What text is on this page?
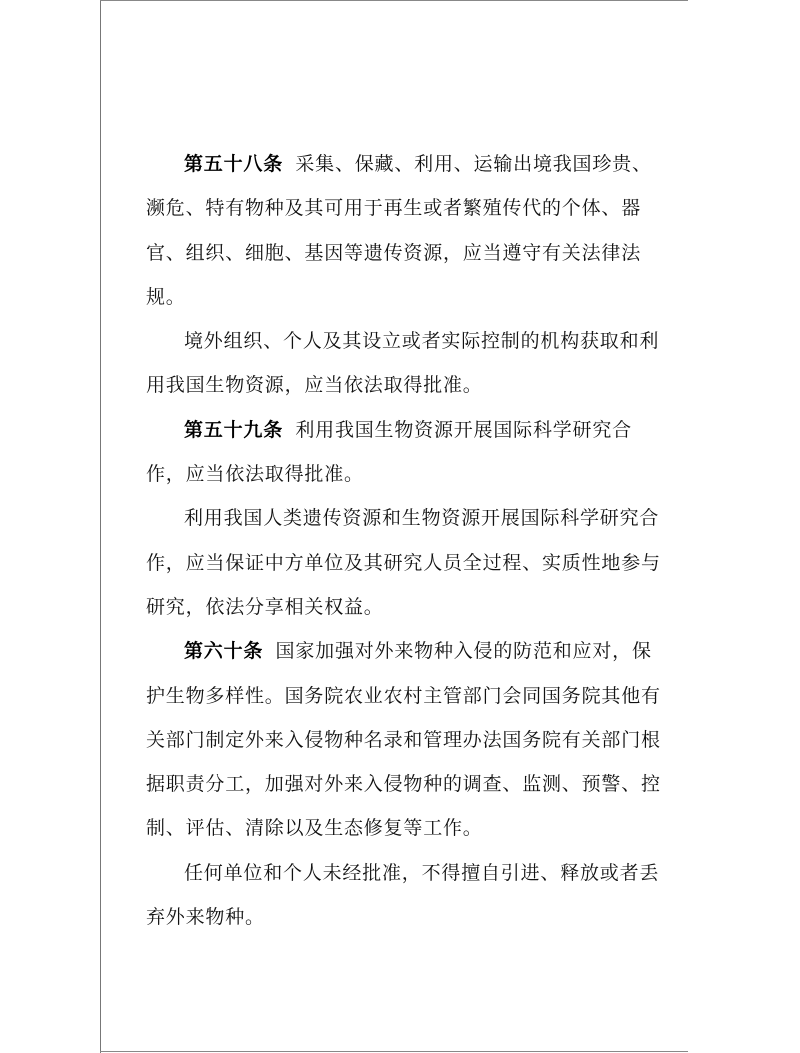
第五十八条 采集、保藏、利用、运输出境我国珍贵、濒危、特有物种及其可用于再生或者繁殖传代的个体、器官、组织、细胞、基因等遗传资源，应当遵守有关法律法规。

境外组织、个人及其设立或者实际控制的机构获取和利用我国生物资源，应当依法取得批准。

第五十九条 利用我国生物资源开展国际科学研究合作，应当依法取得批准。

利用我国人类遗传资源和生物资源开展国际科学研究合作，应当保证中方单位及其研究人员全过程、实质性地参与研究，依法分享相关权益。

第六十条 国家加强对外来物种入侵的防范和应对，保护生物多样性。国务院农业农村主管部门会同国务院其他有关部门制定外来入侵物种名录和管理办法国务院有关部门根据职责分工，加强对外来入侵物种的调查、监测、预警、控制、评估、清除以及生态修复等工作。

任何单位和个人未经批准，不得擅自引进、释放或者丢弃外来物种。
